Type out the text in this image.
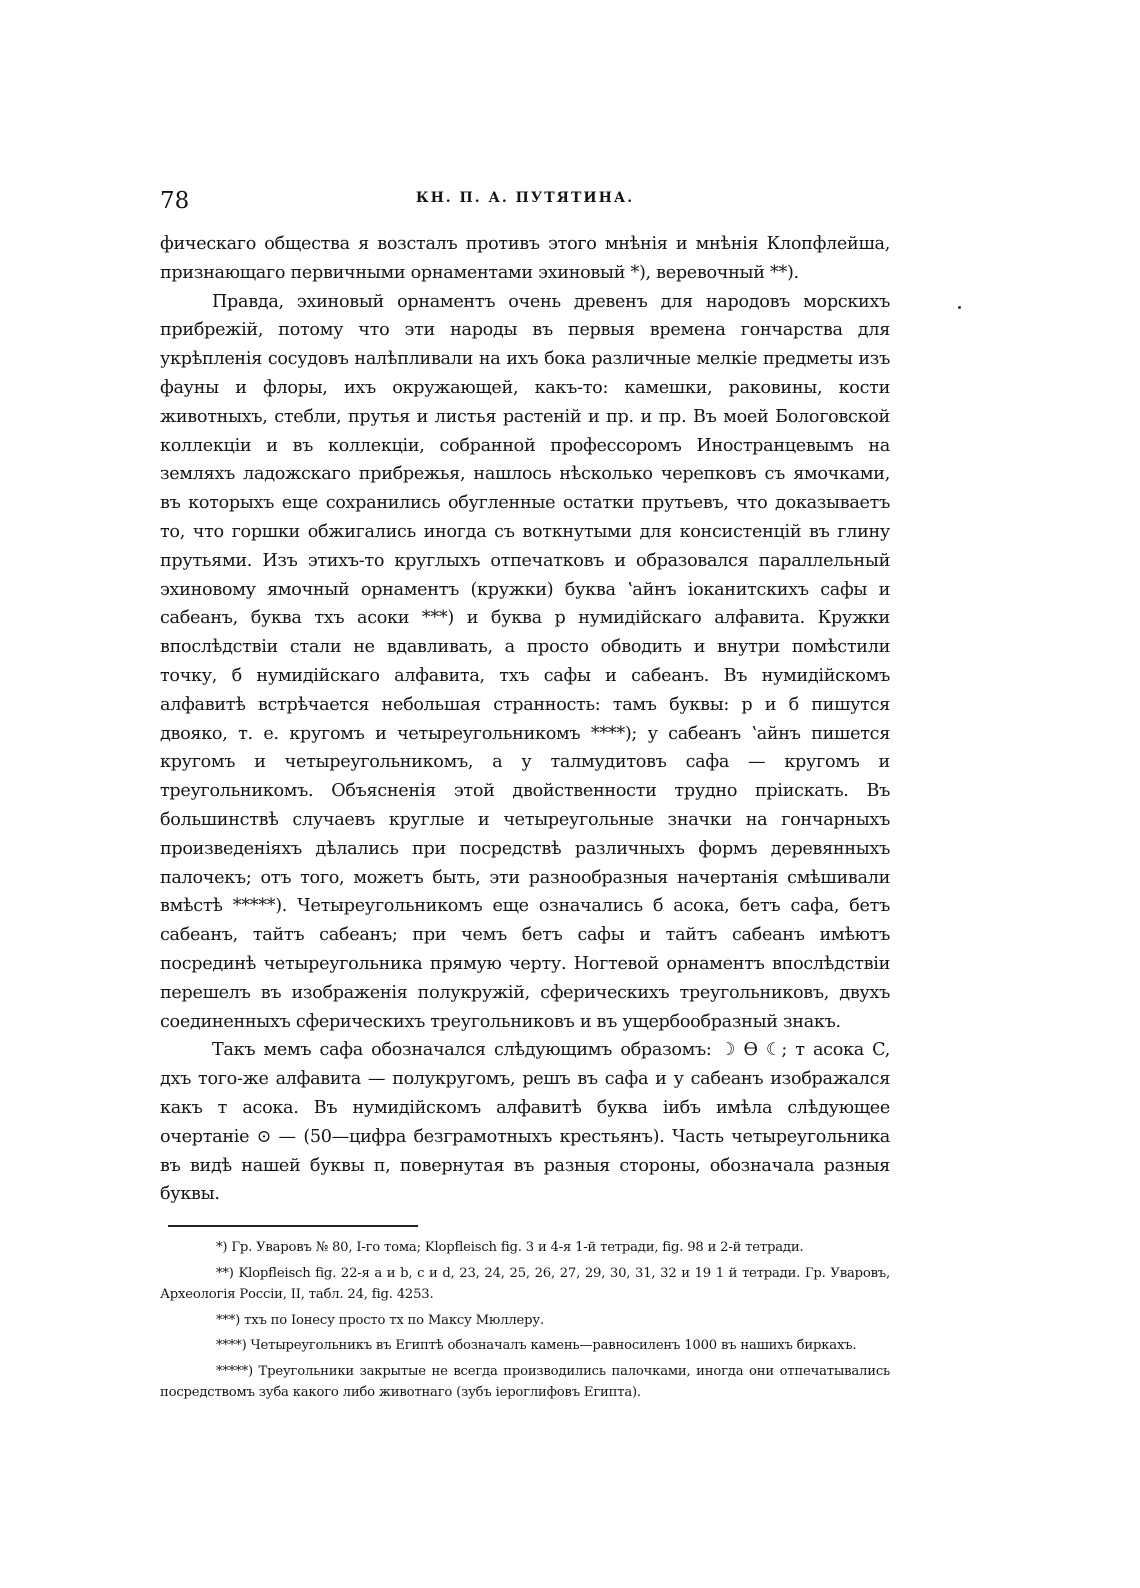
78	КН. П. А. ПУТЯТИНА.

фическаго общества я возсталъ противъ этого мнѣнія и мнѣнія Клопфлейша, признающаго первичными орнаментами эхиновый *), веревочный **).

Правда, эхиновый орнаментъ очень древенъ для народовъ морскихъ прибрежій, потому что эти народы въ первыя времена гончарства для укрѣпленія сосудовъ налѣпливали на ихъ бока различные мелкіе предметы изъ фауны и флоры, ихъ окружающей, какъ-то: камешки, раковины, кости животныхъ, стебли, прутья и листья растеній и пр. и пр. Въ моей Бологовской коллекціи и въ коллекціи, собранной профессоромъ Иностранцевымъ на земляхъ ладожскаго прибрежья, нашлось нѣсколько черепковъ съ ямочками, въ которыхъ еще сохранились обугленные остатки прутьевъ, что доказываетъ то, что горшки обжигались иногда съ воткнутыми для консистенцій въ глину прутьями. Изъ этихъ-то круглыхъ отпечатковъ и образовался параллельный эхиновому ямочный орнаментъ (кружки) буква ʽайнъ іоканитскихъ сафы и сабеанъ, буква тхъ асоки ***) и буква р нумидійскаго алфавита. Кружки впослѣдствіи стали не вдавливать, а просто обводить и внутри помѣстили точку, б нумидійскаго алфавита, тхъ сафы и сабеанъ. Въ нумидійскомъ алфавитѣ встрѣчается небольшая странность: тамъ буквы: р и б пишутся двояко, т. е. кругомъ и четыреугольникомъ ****); у сабеанъ ʽайнъ пишется кругомъ и четыреугольникомъ, а у талмудитовъ сафа — кругомъ и треугольникомъ. Объясненія этой двойственности трудно пріискать. Въ большинствѣ случаевъ круглые и четыреугольные значки на гончарныхъ произведеніяхъ дѣлались при посредствѣ различныхъ формъ деревянныхъ палочекъ; отъ того, можетъ быть, эти разнообразныя начертанія смѣшивали вмѣстѣ *****). Четыреугольникомъ еще означались б асока, бетъ сафа, бетъ сабеанъ, тайтъ сабеанъ; при чемъ бетъ сафы и тайтъ сабеанъ имѣютъ посрединѣ четыреугольника прямую черту. Ногтевой орнаментъ впослѣдствіи перешелъ въ изображенія полукружій, сферическихъ треугольниковъ, двухъ соединенныхъ сферическихъ треугольниковъ и въ ущербообразный знакъ.

Такъ мемъ сафа обозначался слѣдующимъ образомъ: ☽ ϴ ☾; т асока C, дхъ того-же алфавита — полукругомъ, решъ въ сафа и у сабеанъ изображался какъ т асока. Въ нумидійскомъ алфавитѣ буква іибъ имѣла слѣдующее очертаніе ⊙ — (50—цифра безграмотныхъ крестьянъ). Часть четыреугольника въ видѣ нашей буквы п, повернутая въ разныя стороны, обозначала разныя буквы.

*) Гр. Уваровъ № 80, I-го тома; Klopfleisch fig. 3 и 4-я 1-й тетради, fig. 98 и 2-й тетради.

**) Klopfleisch fig. 22-я a и b, c и d, 23, 24, 25, 26, 27, 29, 30, 31, 32 и 19 1 й тетради. Гр. Уваровъ, Археологія Россіи, II, табл. 24, fig. 4253.

***) тхъ по Іонесу просто тх по Максу Мюллеру.

****) Четыреугольникъ въ Египтѣ обозначалъ камень—равносиленъ 1000 въ нашихъ биркахъ.

*****) Треугольники закрытые не всегда производились палочками, иногда они отпечатывались посредствомъ зуба какого либо животнаго (зубъ іероглифовъ Египта).
